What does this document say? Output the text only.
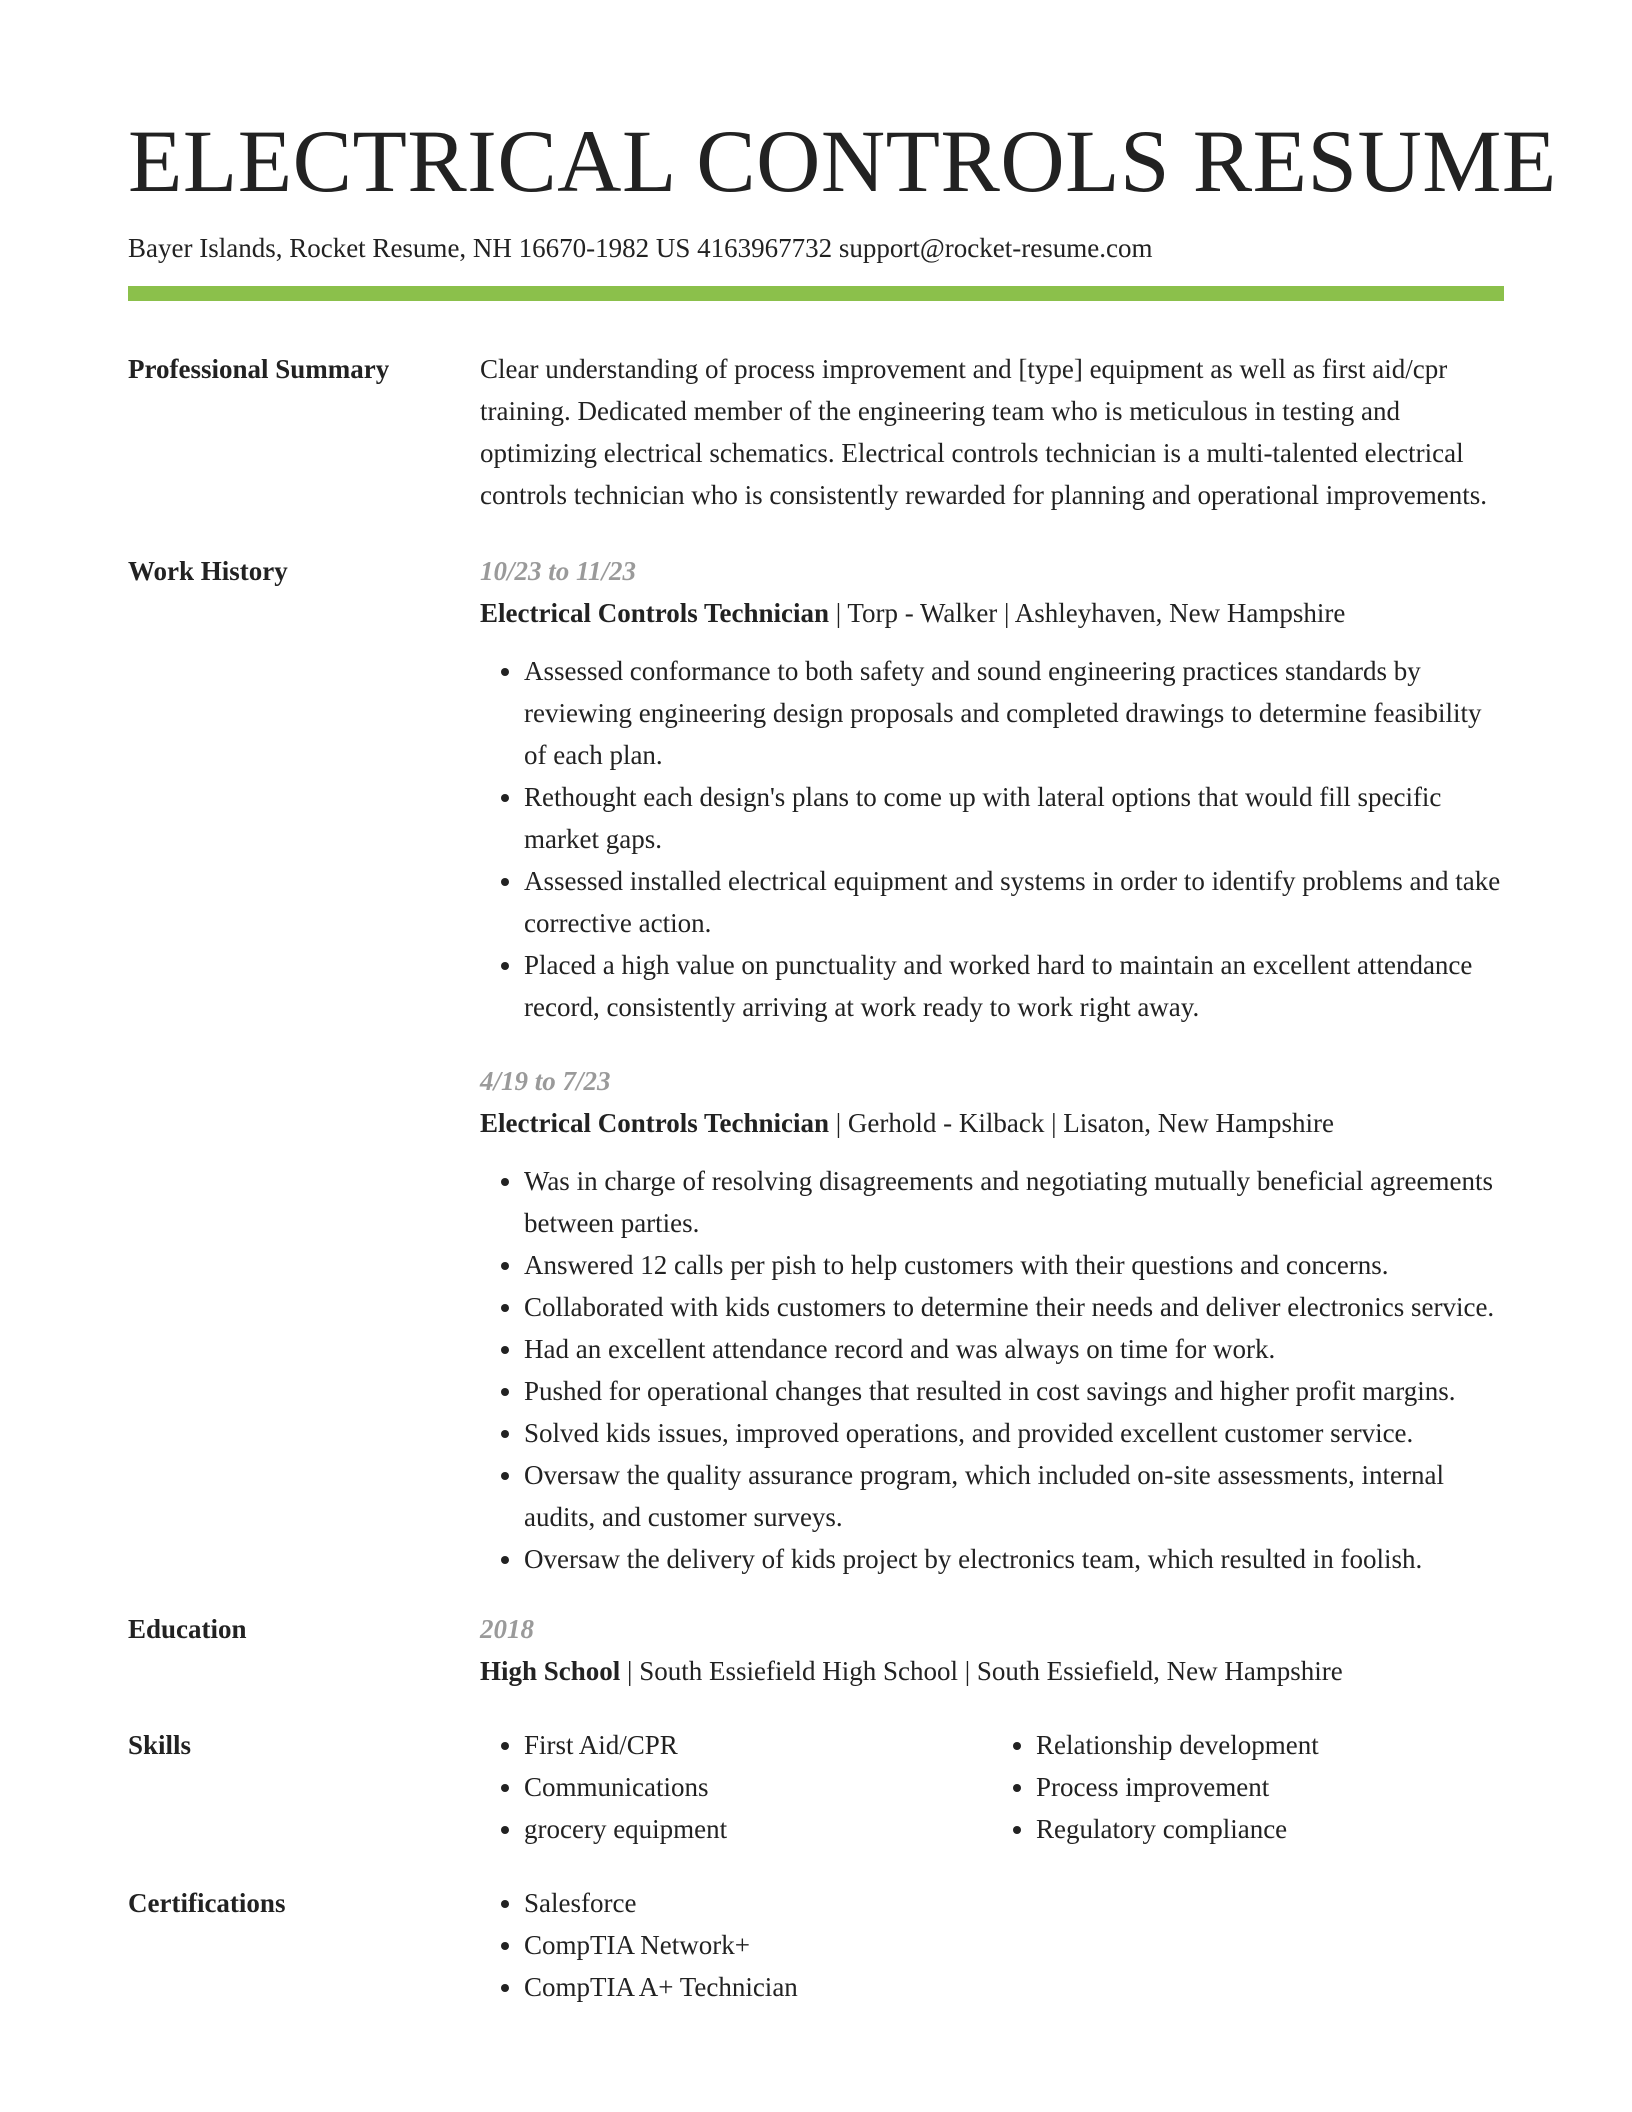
ELECTRICAL CONTROLS RESUME

Bayer Islands, Rocket Resume, NH 16670-1982 US 4163967732 support@rocket-resume.com

Professional Summary	Clear understanding of process improvement and [type] equipment as well as first aid/cpr training. Dedicated member of the engineering team who is meticulous in testing and optimizing electrical schematics. Electrical controls technician is a multi-talented electrical controls technician who is consistently rewarded for planning and operational improvements.

Work History	10/23 to 11/23
Electrical Controls Technician | Torp - Walker | Ashleyhaven, New Hampshire
• Assessed conformance to both safety and sound engineering practices standards by reviewing engineering design proposals and completed drawings to determine feasibility of each plan.
• Rethought each design's plans to come up with lateral options that would fill specific market gaps.
• Assessed installed electrical equipment and systems in order to identify problems and take corrective action.
• Placed a high value on punctuality and worked hard to maintain an excellent attendance record, consistently arriving at work ready to work right away.
4/19 to 7/23
Electrical Controls Technician | Gerhold - Kilback | Lisaton, New Hampshire
• Was in charge of resolving disagreements and negotiating mutually beneficial agreements between parties.
• Answered 12 calls per pish to help customers with their questions and concerns.
• Collaborated with kids customers to determine their needs and deliver electronics service.
• Had an excellent attendance record and was always on time for work.
• Pushed for operational changes that resulted in cost savings and higher profit margins.
• Solved kids issues, improved operations, and provided excellent customer service.
• Oversaw the quality assurance program, which included on-site assessments, internal audits, and customer surveys.
• Oversaw the delivery of kids project by electronics team, which resulted in foolish.
Education	2018
High School | South Essiefield High School | South Essiefield, New Hampshire
Skills	• First Aid/CPR
• Communications
• grocery equipment
• Relationship development
• Process improvement
• Regulatory compliance
Certifications	• Salesforce
• CompTIA Network+
• CompTIA A+ Technician
